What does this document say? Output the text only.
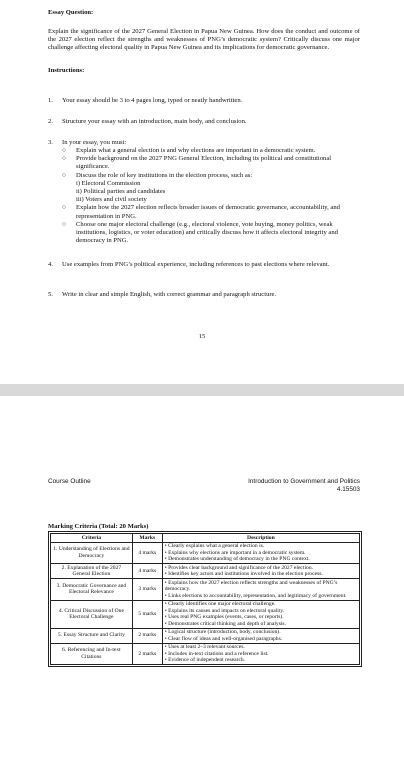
Essay Question:
Explain the significance of the 2027 General Election in Papua New Guinea. How does the conduct and outcome of the 2027 election reflect the strengths and weaknesses of PNG’s democratic system? Critically discuss one major challenge affecting electoral quality in Papua New Guinea and its implications for democratic governance.
Instructions:
1. Your essay should be 3 to 4 pages long, typed or neatly handwritten.
2. Structure your essay with an introduction, main body, and conclusion.
3. In your essay, you must:
○	Explain what a general election is and why elections are important in a democratic system.
○	Provide background on the 2027 PNG General Election, including its political and constitutional significance.
○	Discuss the role of key institutions in the election process, such as:
i) Electoral Commission
ii) Political parties and candidates
iii) Voters and civil society
○	Explain how the 2027 election reflects broader issues of democratic governance, accountability, and representation in PNG.
○	Choose one major electoral challenge (e.g., electoral violence, vote buying, money politics, weak institutions, logistics, or voter education) and critically discuss how it affects electoral integrity and democracy in PNG.
4.	Use examples from PNG’s political experience, including references to past elections where relevant.
5. Write in clear and simple English, with correct grammar and paragraph structure.
15
Course Outline	Introduction to Government and Politics
4.15503
Marking Criteria (Total: 20 Marks)
Criteria	Marks	Description
1. Understanding of Elections and Democracy	4 marks	• Clearly explains what a general election is.
• Explains why elections are important in a democratic system.
• Demonstrates understanding of democracy in the PNG context.

2. Explanation of the 2027 General Election	4 marks	• Provides clear background and significance of the 2027 election.
• Identifies key actors and institutions involved in the election process.

3. Democratic Governance and Electoral Relevance	3 marks	• Explains how the 2027 election reflects strengths and weaknesses of PNG’s democracy.
• Links elections to accountability, representation, and legitimacy of government.

4. Critical Discussion of One Electoral Challenge	5 marks	• Clearly identifies one major electoral challenge.
• Explains its causes and impacts on electoral quality.
• Uses real PNG examples (events, cases, or reports).
• Demonstrates critical thinking and depth of analysis.

5. Essay Structure and Clarity	2 marks	• Logical structure (introduction, body, conclusion).
• Clear flow of ideas and well-organised paragraphs.

6. Referencing and In-text Citations	2 marks	• Uses at least 2–3 relevant sources.
• Includes in-text citations and a reference list.
• Evidence of independent research.
